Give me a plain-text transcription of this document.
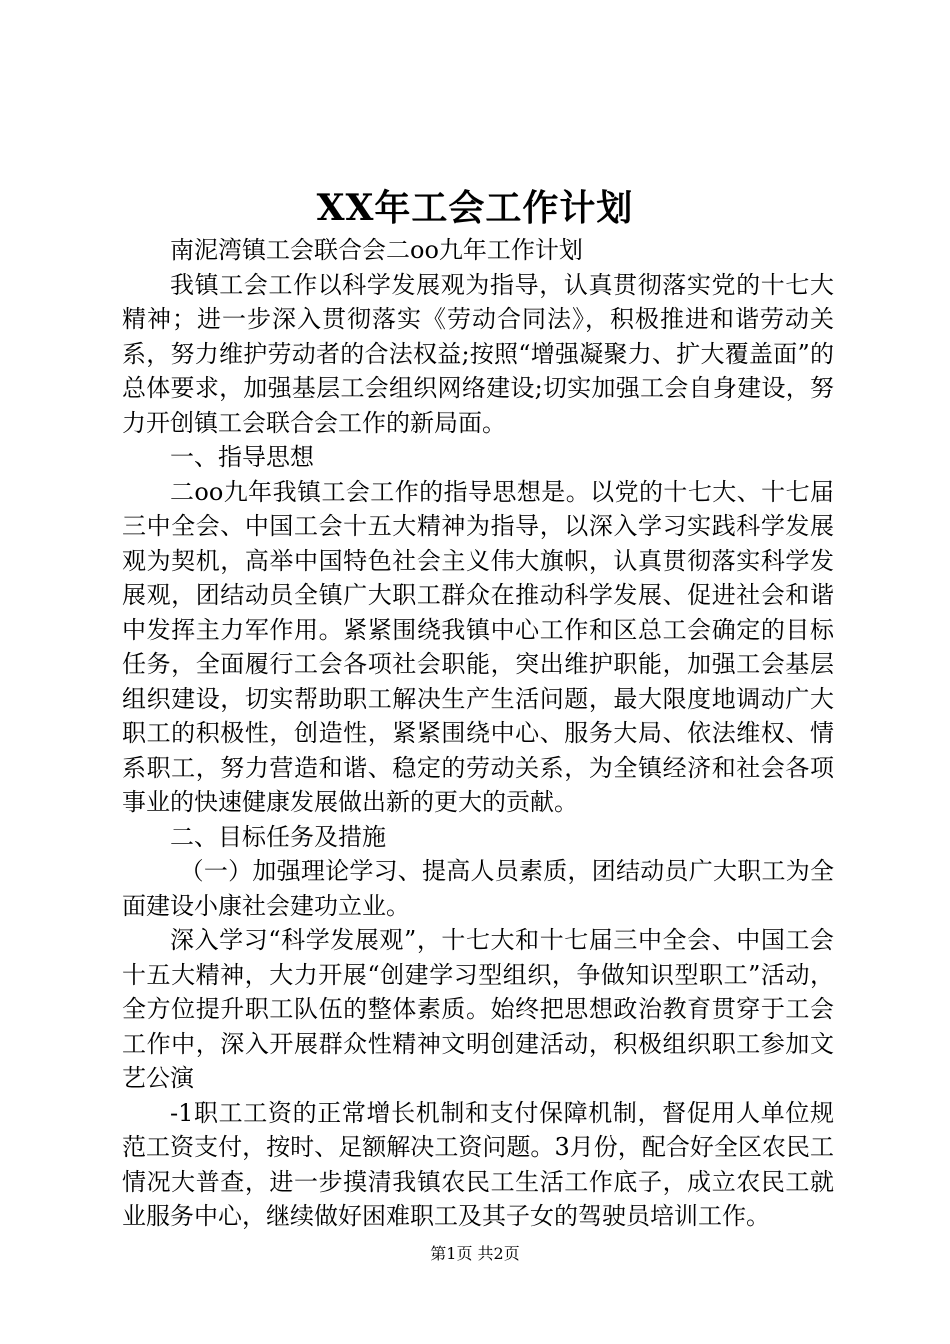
XX年工会工作计划

南泥湾镇工会联合会二oo九年工作计划

我镇工会工作以科学发展观为指导，认真贯彻落实党的十七大精神；进一步深入贯彻落实《劳动合同法》，积极推进和谐劳动关系，努力维护劳动者的合法权益;按照“增强凝聚力、扩大覆盖面”的总体要求，加强基层工会组织网络建设;切实加强工会自身建设，努力开创镇工会联合会工作的新局面。

一、指导思想

二oo九年我镇工会工作的指导思想是。以党的十七大、十七届三中全会、中国工会十五大精神为指导，以深入学习实践科学发展观为契机，高举中国特色社会主义伟大旗帜，认真贯彻落实科学发展观，团结动员全镇广大职工群众在推动科学发展、促进社会和谐中发挥主力军作用。紧紧围绕我镇中心工作和区总工会确定的目标任务，全面履行工会各项社会职能，突出维护职能，加强工会基层组织建设，切实帮助职工解决生产生活问题，最大限度地调动广大职工的积极性，创造性，紧紧围绕中心、服务大局、依法维权、情系职工，努力营造和谐、稳定的劳动关系，为全镇经济和社会各项事业的快速健康发展做出新的更大的贡献。

二、目标任务及措施

（一）加强理论学习、提高人员素质，团结动员广大职工为全面建设小康社会建功立业。

深入学习“科学发展观”，十七大和十七届三中全会、中国工会十五大精神，大力开展“创建学习型组织，争做知识型职工”活动，全方位提升职工队伍的整体素质。始终把思想政治教育贯穿于工会工作中，深入开展群众性精神文明创建活动，积极组织职工参加文艺公演

-1职工工资的正常增长机制和支付保障机制，督促用人单位规范工资支付，按时、足额解决工资问题。3月份，配合好全区农民工情况大普查，进一步摸清我镇农民工生活工作底子，成立农民工就业服务中心，继续做好困难职工及其子女的驾驶员培训工作。

第1页 共2页
